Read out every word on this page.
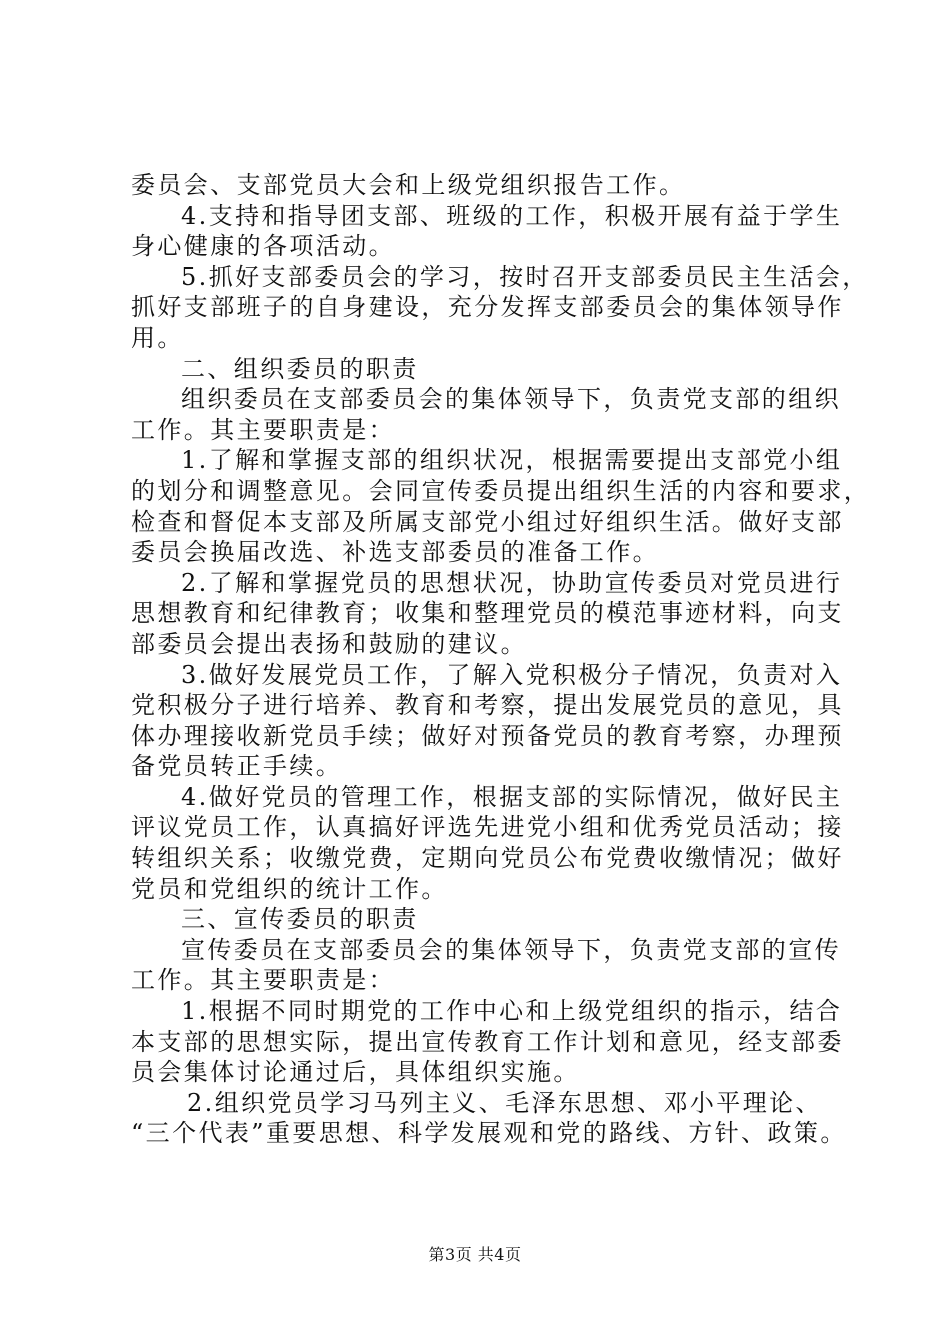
委员会、支部党员大会和上级党组织报告工作。
4.支持和指导团支部、班级的工作，积极开展有益于学生
身心健康的各项活动。
5.抓好支部委员会的学习，按时召开支部委员民主生活会，
抓好支部班子的自身建设，充分发挥支部委员会的集体领导作
用。
二、组织委员的职责
组织委员在支部委员会的集体领导下，负责党支部的组织
工作。其主要职责是：
1.了解和掌握支部的组织状况，根据需要提出支部党小组
的划分和调整意见。会同宣传委员提出组织生活的内容和要求，
检查和督促本支部及所属支部党小组过好组织生活。做好支部
委员会换届改选、补选支部委员的准备工作。
2.了解和掌握党员的思想状况，协助宣传委员对党员进行
思想教育和纪律教育；收集和整理党员的模范事迹材料，向支
部委员会提出表扬和鼓励的建议。
3.做好发展党员工作，了解入党积极分子情况，负责对入
党积极分子进行培养、教育和考察，提出发展党员的意见，具
体办理接收新党员手续；做好对预备党员的教育考察，办理预
备党员转正手续。
4.做好党员的管理工作，根据支部的实际情况，做好民主
评议党员工作，认真搞好评选先进党小组和优秀党员活动；接
转组织关系；收缴党费，定期向党员公布党费收缴情况；做好
党员和党组织的统计工作。
三、宣传委员的职责
宣传委员在支部委员会的集体领导下，负责党支部的宣传
工作。其主要职责是：
1.根据不同时期党的工作中心和上级党组织的指示，结合
本支部的思想实际，提出宣传教育工作计划和意见，经支部委
员会集体讨论通过后，具体组织实施。
2.组织党员学习马列主义、毛泽东思想、邓小平理论、
“三个代表”重要思想、科学发展观和党的路线、方针、政策。
第3页 共4页
